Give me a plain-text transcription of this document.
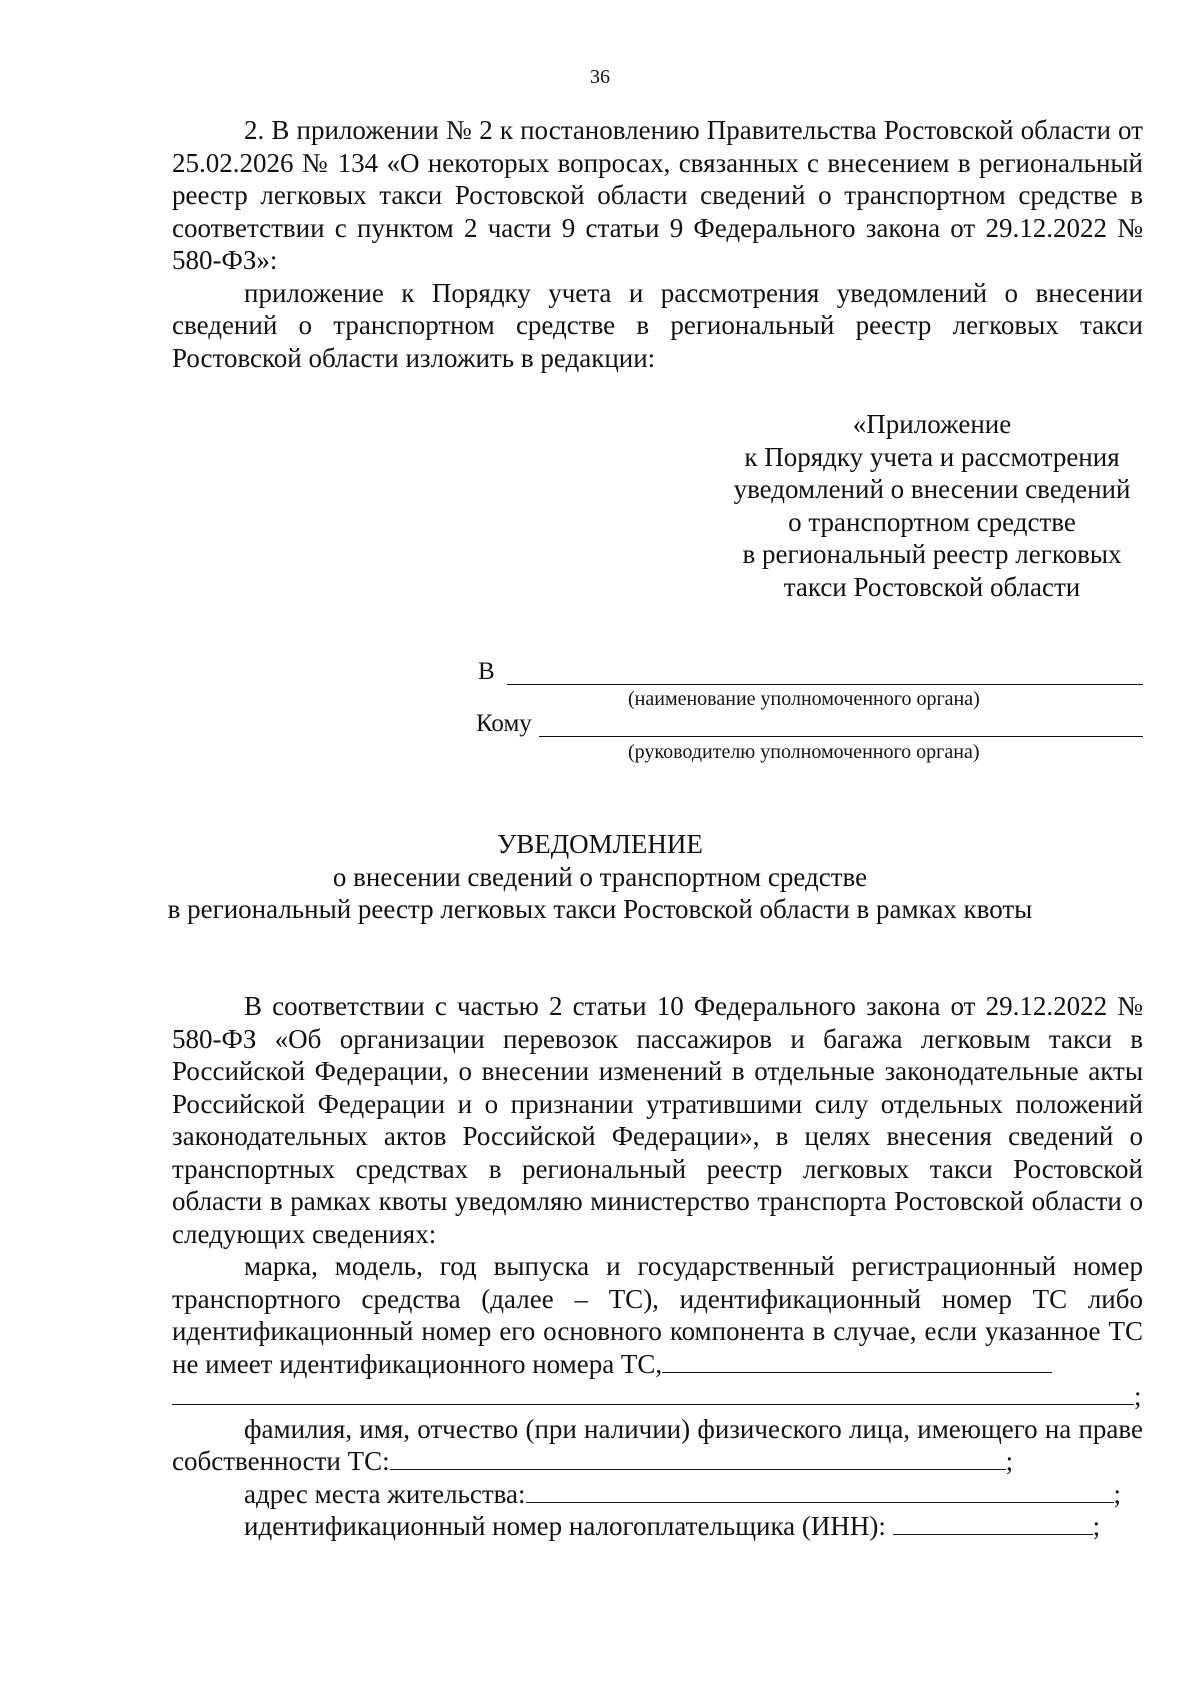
36

2. В приложении № 2 к постановлению Правительства Ростовской области от 25.02.2026 № 134 «О некоторых вопросах, связанных с внесением в региональный реестр легковых такси Ростовской области сведений о транспортном средстве в соответствии с пунктом 2 части 9 статьи 9 Федерального закона от 29.12.2022 № 580-ФЗ»:

приложение к Порядку учета и рассмотрения уведомлений о внесении сведений о транспортном средстве в региональный реестр легковых такси Ростовской области изложить в редакции:

«Приложение
к Порядку учета и рассмотрения
уведомлений о внесении сведений
о транспортном средстве
в региональный реестр легковых
такси Ростовской области
В
(наименование уполномоченного органа)
Кому
(руководителю уполномоченного органа)
УВЕДОМЛЕНИЕ
о внесении сведений о транспортном средстве
в региональный реестр легковых такси Ростовской области в рамках квоты

В соответствии с частью 2 статьи 10 Федерального закона от 29.12.2022 № 580-ФЗ «Об организации перевозок пассажиров и багажа легковым такси в Российской Федерации, о внесении изменений в отдельные законодательные акты Российской Федерации и о признании утратившими силу отдельных положений законодательных актов Российской Федерации», в целях внесения сведений о транспортных средствах в региональный реестр легковых такси Ростовской области в рамках квоты уведомляю министерство транспорта Ростовской области о следующих сведениях:

марка, модель, год выпуска и государственный регистрационный номер транспортного средства (далее – ТС), идентификационный номер ТС либо идентификационный номер его основного компонента в случае, если указанное ТС не имеет идентификационного номера ТС,

;

фамилия, имя, отчество (при наличии) физического лица, имеющего на праве собственности ТС:	;

адрес места жительства:	;

идентификационный номер налогоплательщика (ИНН):	;
